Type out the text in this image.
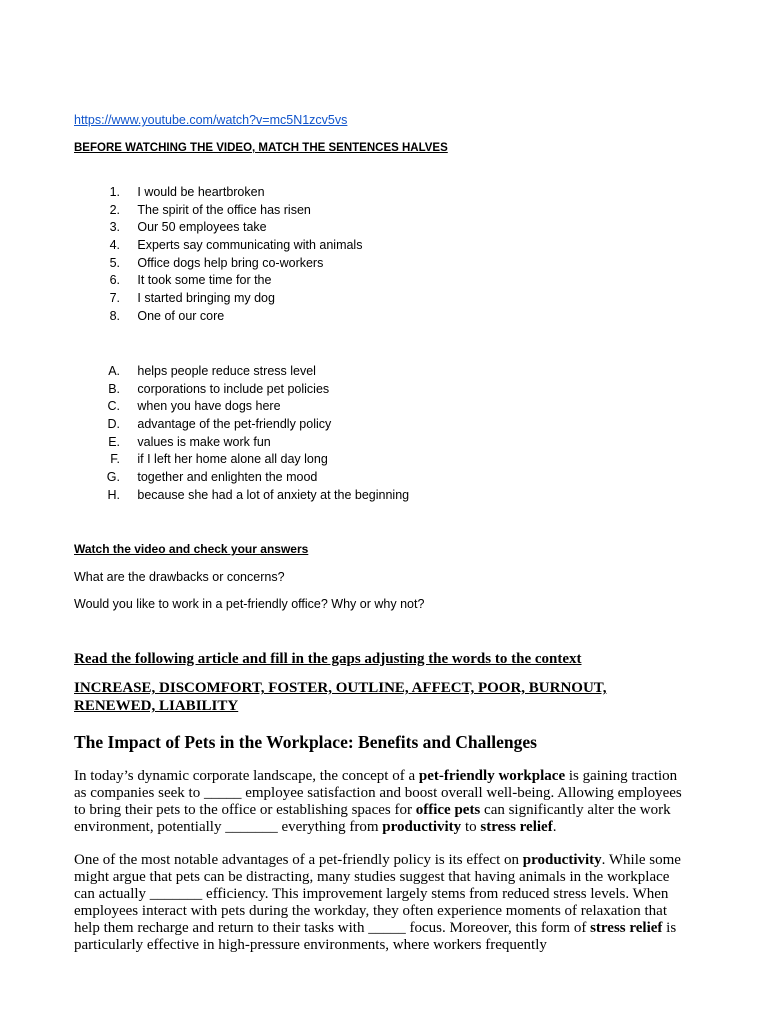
https://www.youtube.com/watch?v=mc5N1zcv5vs
BEFORE WATCHING THE VIDEO, MATCH THE SENTENCES HALVES
1. I would be heartbroken
2. The spirit of the office has risen
3. Our 50 employees take
4. Experts say communicating with animals
5. Office dogs help bring co-workers
6. It took some time for the
7. I started bringing my dog
8. One of our core
A. helps people reduce stress level
B. corporations to include pet policies
C. when you have dogs here
D. advantage of the pet-friendly policy
E. values is make work fun
F. if I left her home alone all day long
G. together and enlighten the mood
H. because she had a lot of anxiety at the beginning
Watch the video and check your answers
What are the drawbacks or concerns?
Would you like to work in a pet-friendly office? Why or why not?
Read the following article and fill in the gaps adjusting the words to the context
INCREASE, DISCOMFORT, FOSTER, OUTLINE, AFFECT, POOR, BURNOUT, RENEWED, LIABILITY
The Impact of Pets in the Workplace: Benefits and Challenges

In today’s dynamic corporate landscape, the concept of a pet-friendly workplace is gaining traction as companies seek to _____ employee satisfaction and boost overall well-being. Allowing employees to bring their pets to the office or establishing spaces for office pets can significantly alter the work environment, potentially _______ everything from productivity to stress relief.

One of the most notable advantages of a pet-friendly policy is its effect on productivity. While some might argue that pets can be distracting, many studies suggest that having animals in the workplace can actually _______ efficiency. This improvement largely stems from reduced stress levels. When employees interact with pets during the workday, they often experience moments of relaxation that help them recharge and return to their tasks with _____ focus. Moreover, this form of stress relief is particularly effective in high-pressure environments, where workers frequently
